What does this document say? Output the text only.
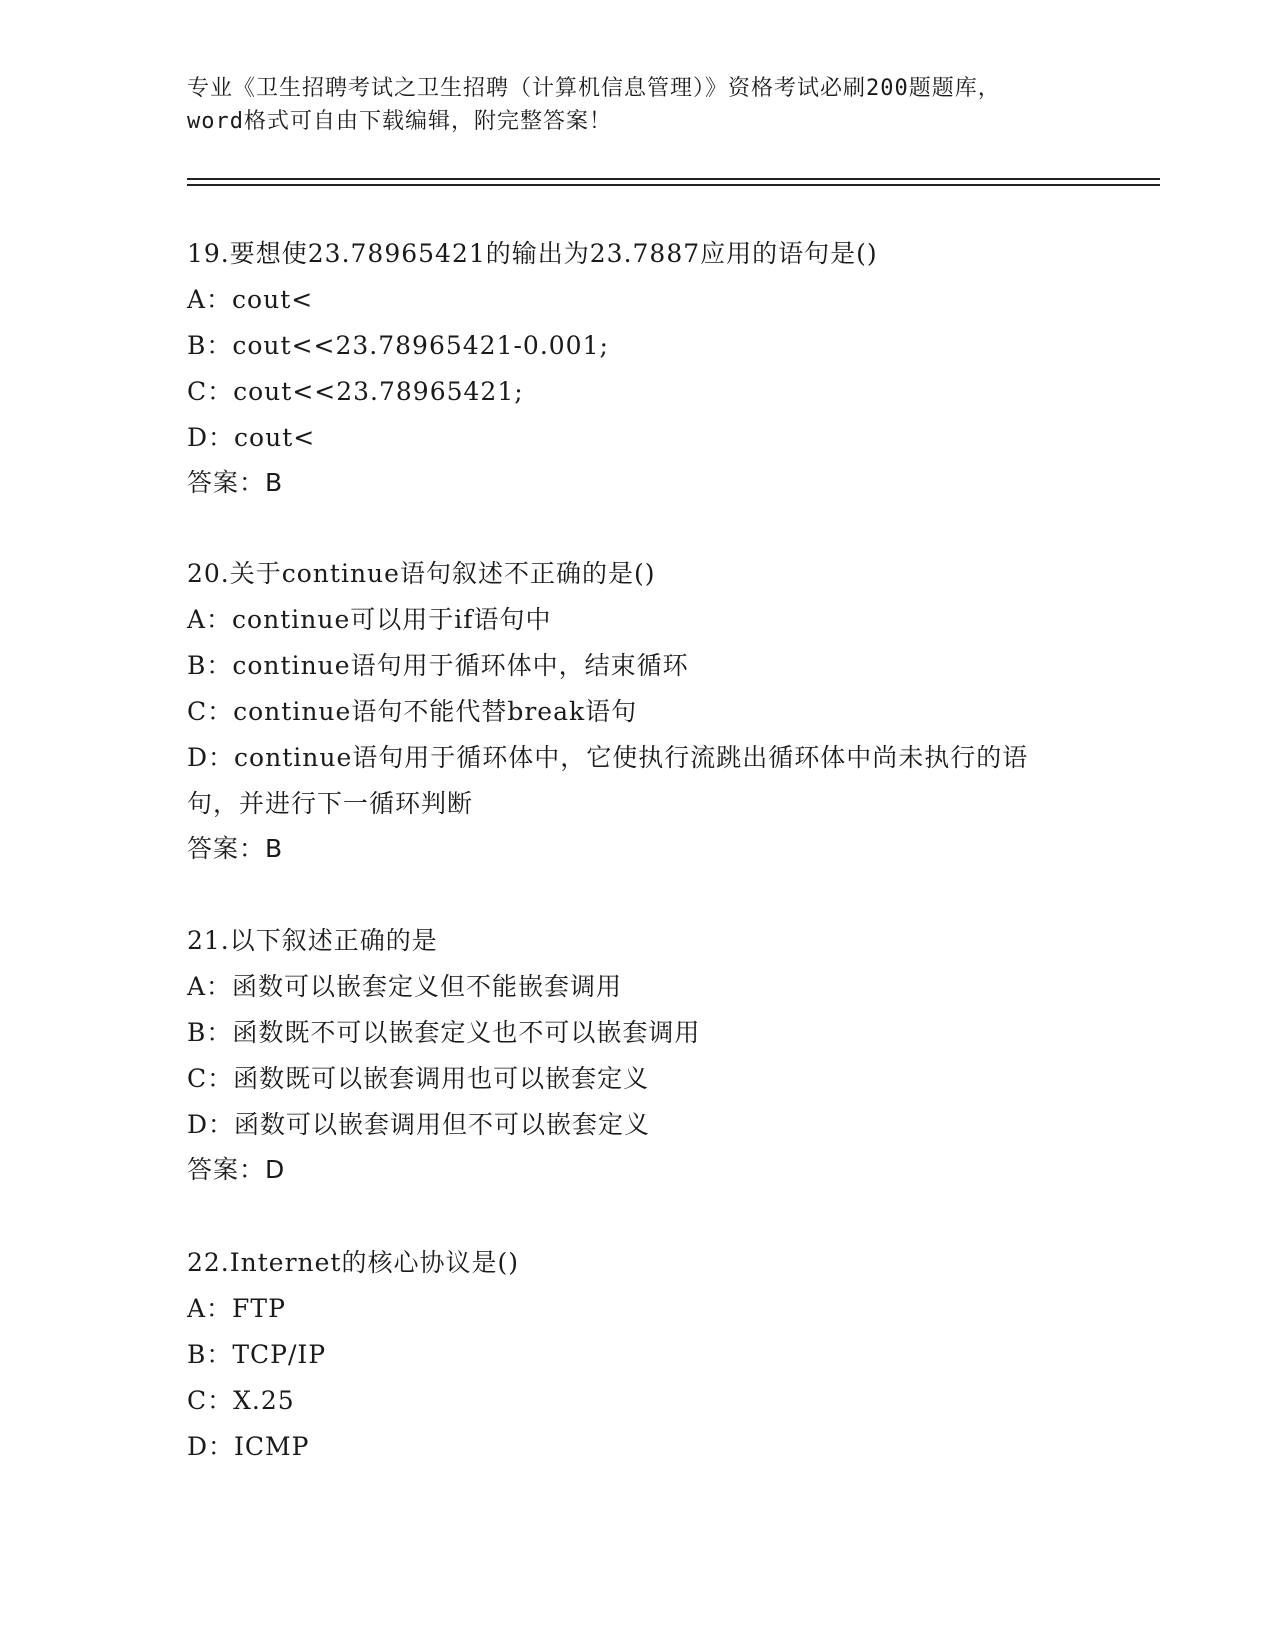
专业《卫生招聘考试之卫生招聘（计算机信息管理）》资格考试必刷200题题库，
word格式可自由下载编辑，附完整答案！
19.要想使23.78965421的输出为23.7887应用的语句是()
A：cout<
B：cout<<23.78965421-0.001;
C：cout<<23.78965421;
D：cout<
答案：B
20.关于continue语句叙述不正确的是()
A：continue可以用于if语句中
B：continue语句用于循环体中，结束循环
C：continue语句不能代替break语句
D：continue语句用于循环体中，它使执行流跳出循环体中尚未执行的语句，并进行下一循环判断
答案：B
21.以下叙述正确的是
A：函数可以嵌套定义但不能嵌套调用
B：函数既不可以嵌套定义也不可以嵌套调用
C：函数既可以嵌套调用也可以嵌套定义
D：函数可以嵌套调用但不可以嵌套定义
答案：D
22.Internet的核心协议是()
A：FTP
B：TCP/IP
C：X.25
D：ICMP
